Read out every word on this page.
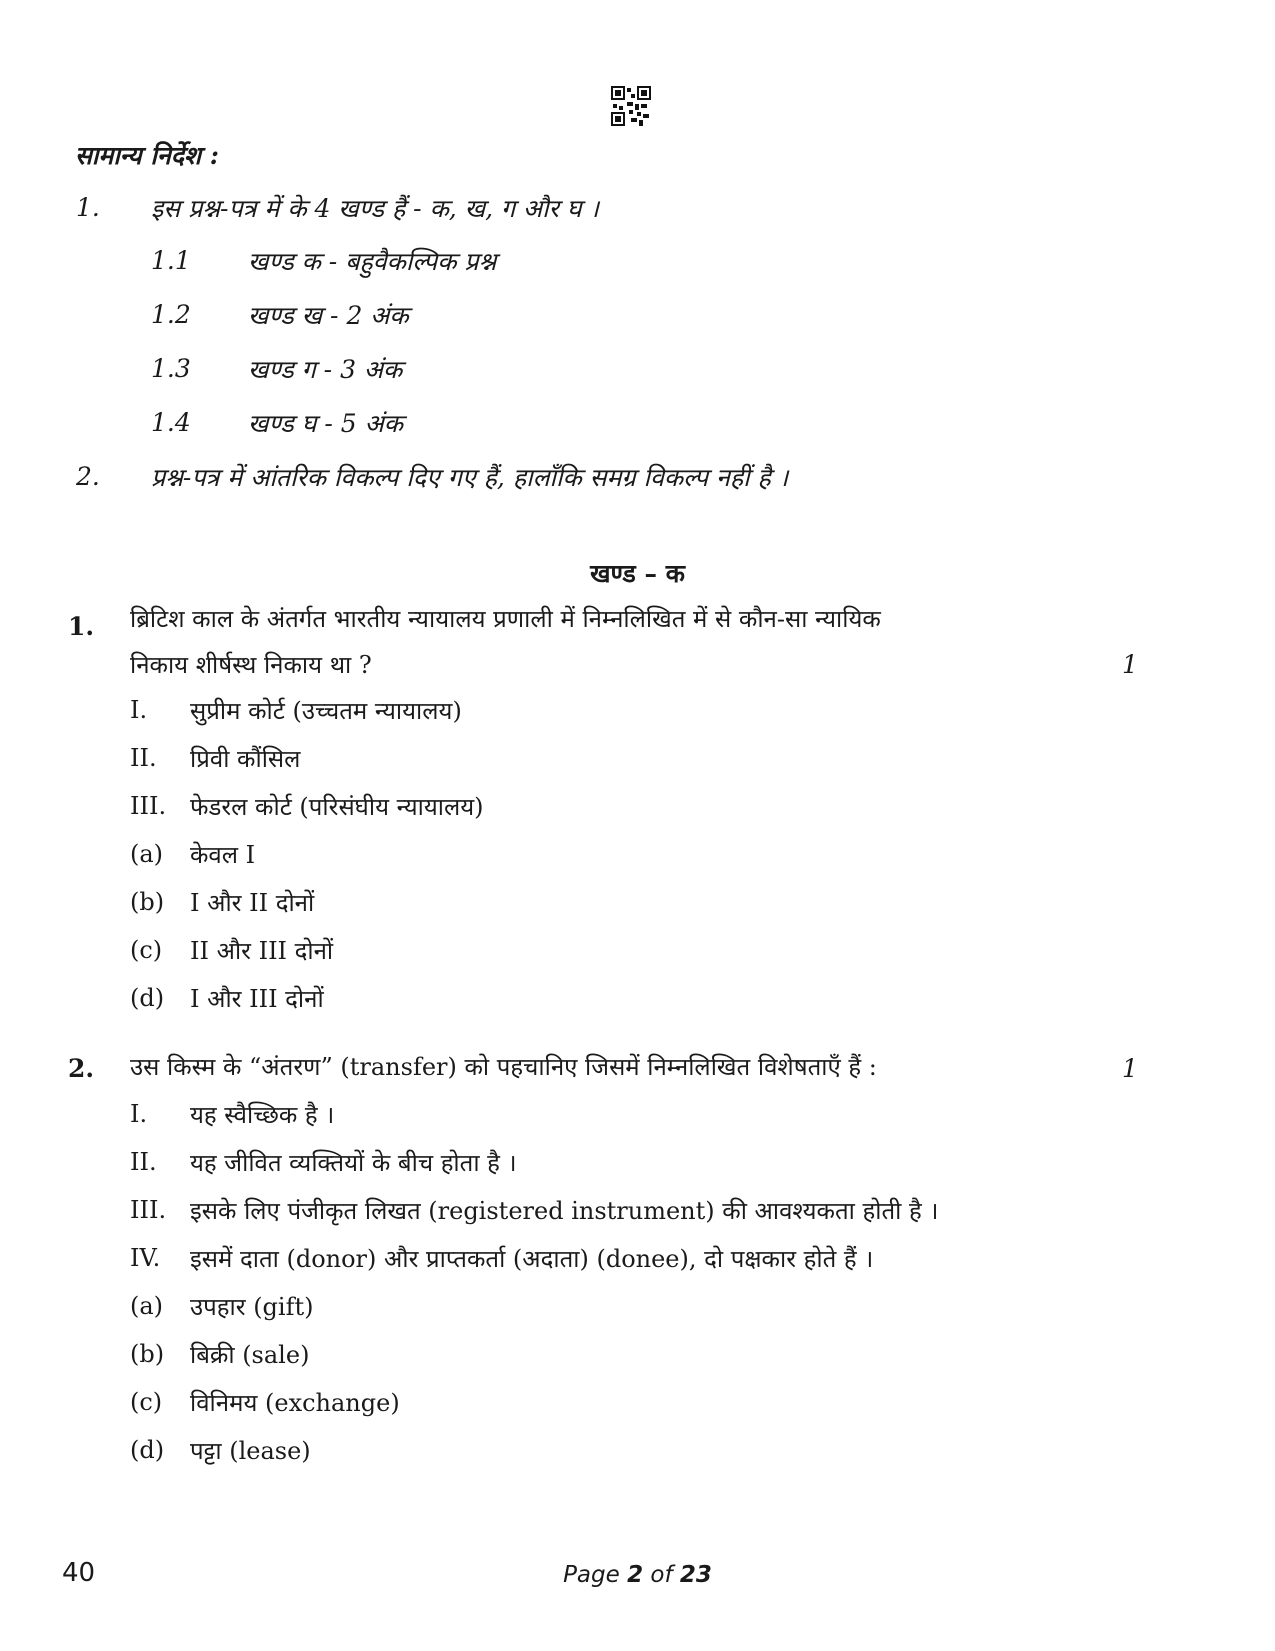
सामान्य निर्देश :
1. इस प्रश्न-पत्र में के 4 खण्ड हैं - क, ख, ग और घ ।
1.1 खण्ड क - बहुवैकल्पिक प्रश्न
1.2 खण्ड ख - 2 अंक
1.3 खण्ड ग - 3 अंक
1.4 खण्ड घ - 5 अंक
2. प्रश्न-पत्र में आंतरिक विकल्प दिए गए हैं, हालाँकि समग्र विकल्प नहीं है ।
खण्ड – क
1. ब्रिटिश काल के अंतर्गत भारतीय न्यायालय प्रणाली में निम्नलिखित में से कौन-सा न्यायिक
निकाय शीर्षस्थ निकाय था ?	1
I. सुप्रीम कोर्ट (उच्चतम न्यायालय)
II. प्रिवी कौंसिल
III. फेडरल कोर्ट (परिसंघीय न्यायालय)
(a) केवल I
(b) I और II दोनों
(c) II और III दोनों
(d) I और III दोनों
2. उस किस्म के “अंतरण” (transfer) को पहचानिए जिसमें निम्नलिखित विशेषताएँ हैं :	1
I. यह स्वैच्छिक है ।
II. यह जीवित व्यक्तियों के बीच होता है ।
III. इसके लिए पंजीकृत लिखत (registered instrument) की आवश्यकता होती है ।
IV. इसमें दाता (donor) और प्राप्तकर्ता (अदाता) (donee), दो पक्षकार होते हैं ।
(a) उपहार (gift)
(b) बिक्री (sale)
(c) विनिमय (exchange)
(d) पट्टा (lease)
40	Page 2 of 23
